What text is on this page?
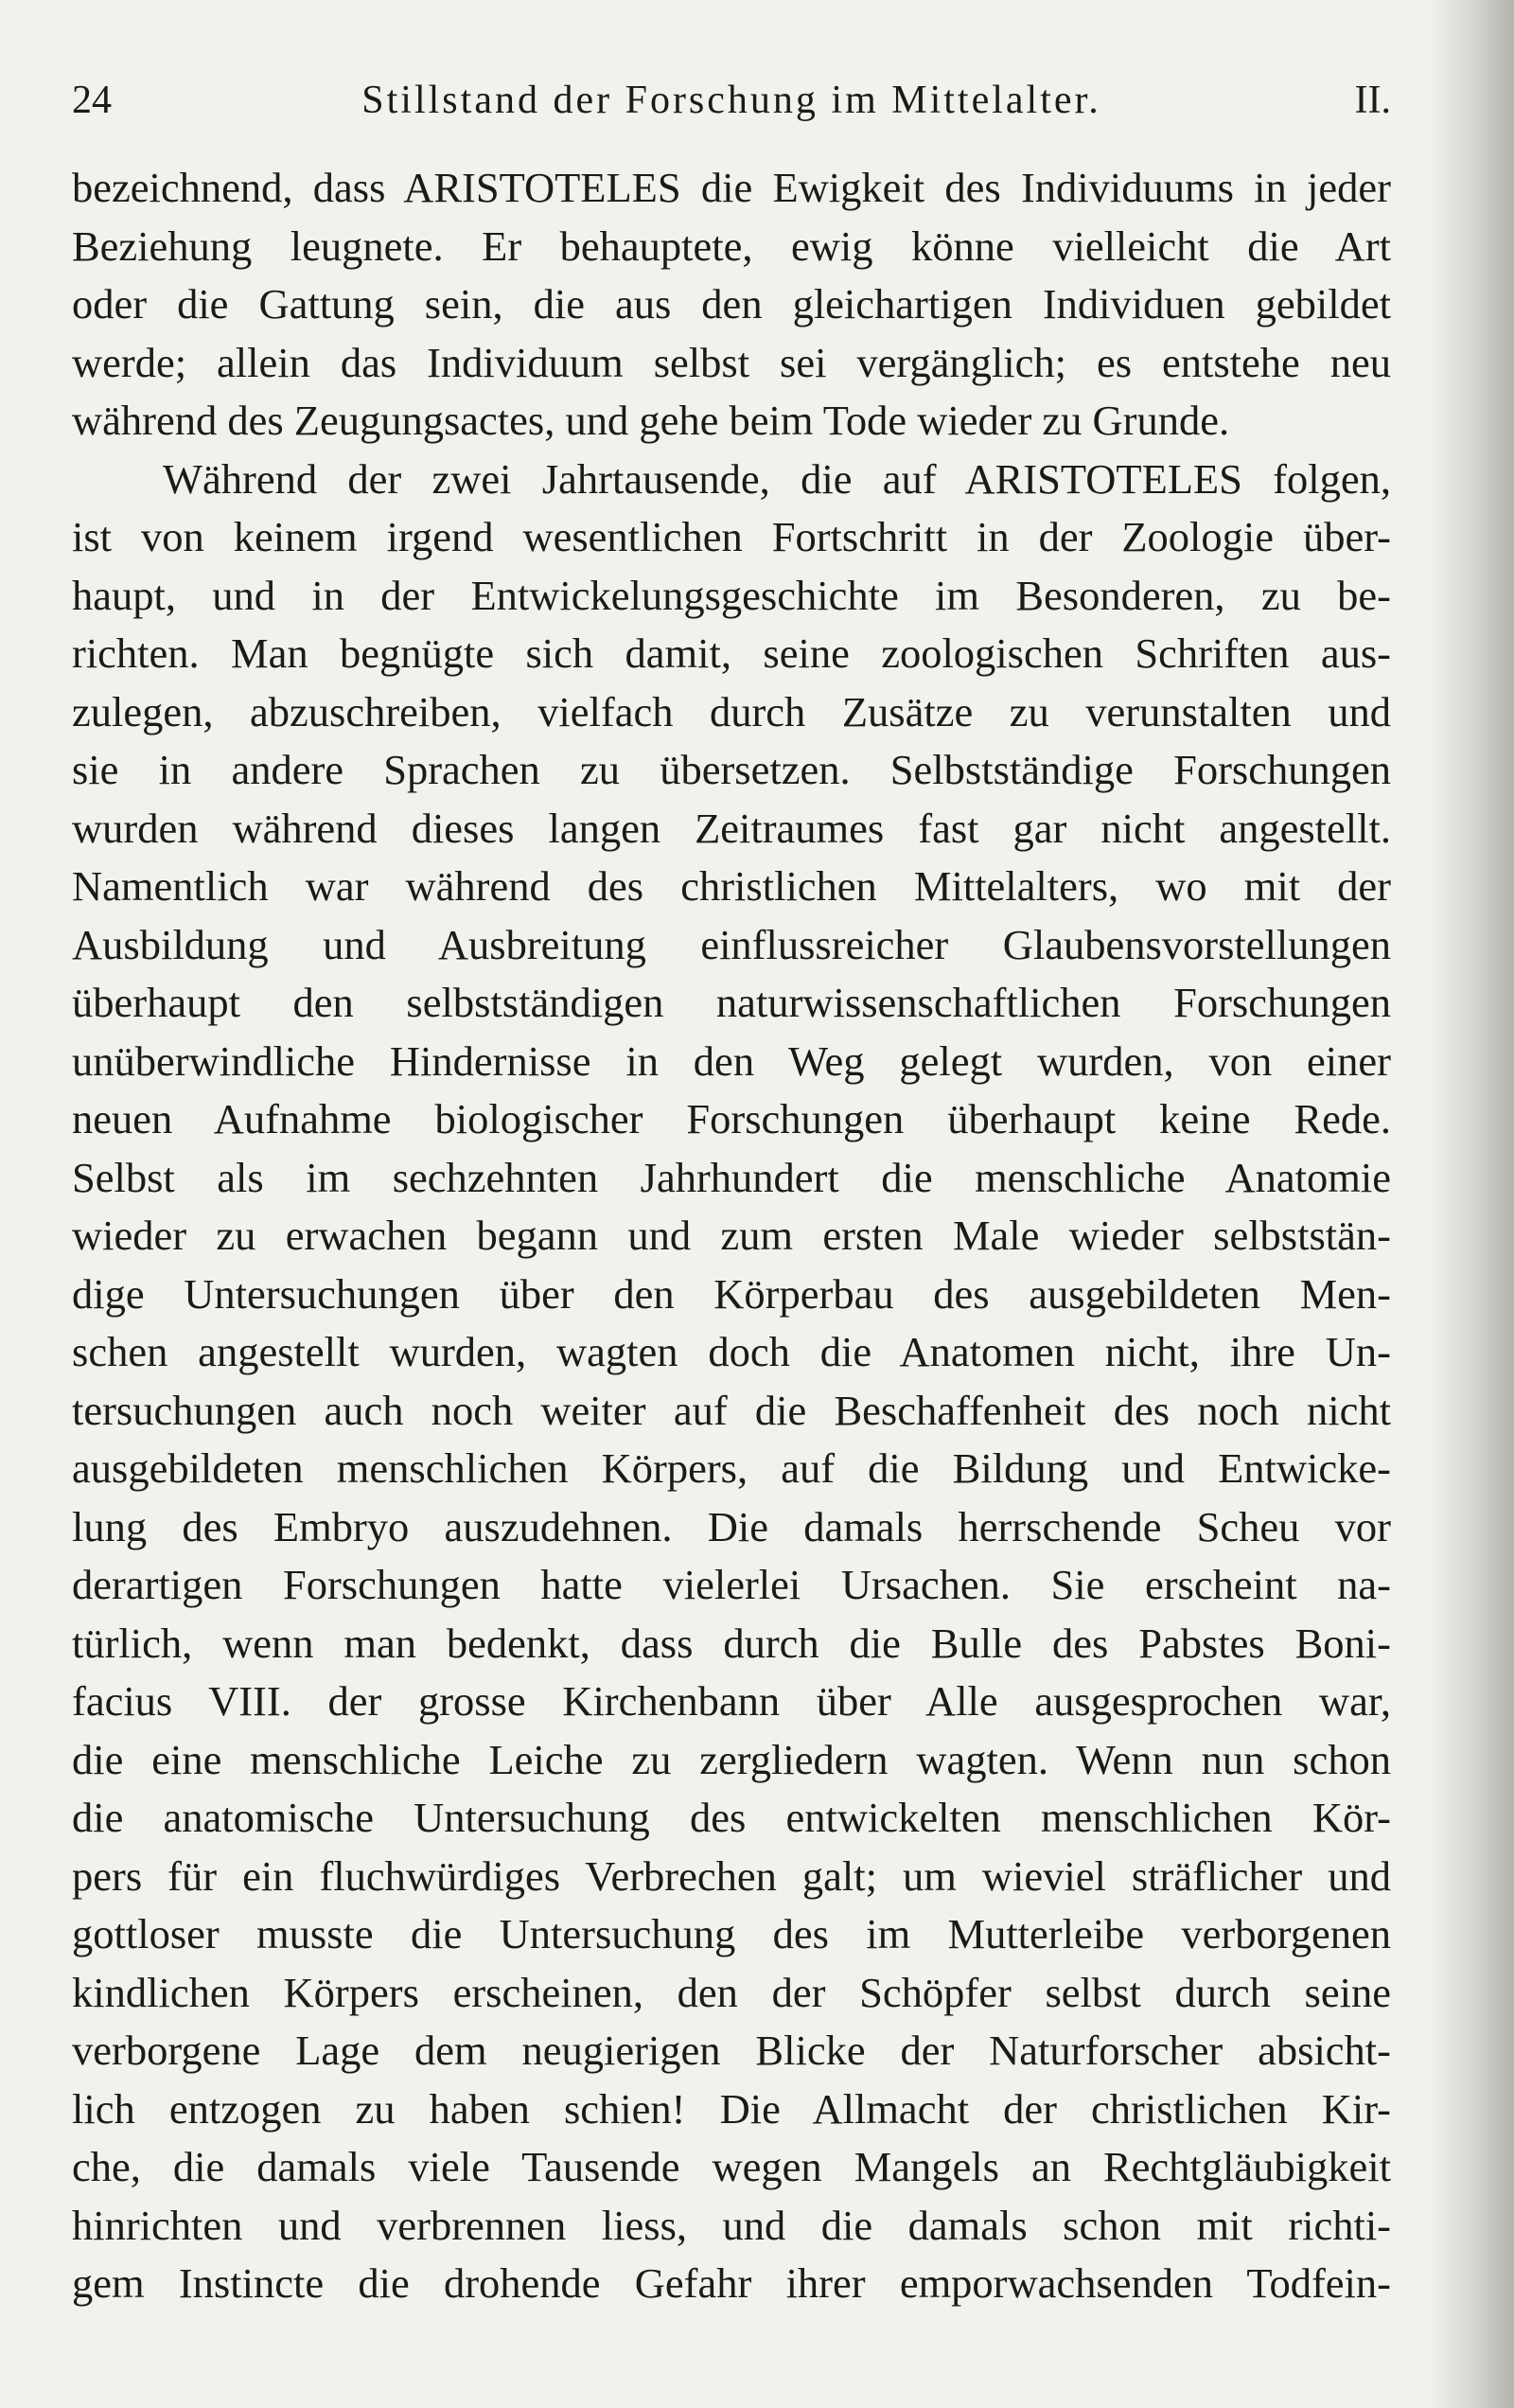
Stillstand der Forschung im Mittelalter.
24	II.
bezeichnend, dass ARISTOTELES die Ewigkeit des Individuums in jeder
Beziehung leugnete. Er behauptete, ewig könne vielleicht die Art
oder die Gattung sein, die aus den gleichartigen Individuen gebildet
werde; allein das Individuum selbst sei vergänglich; es entstehe neu
während des Zeugungsactes, und gehe beim Tode wieder zu Grunde.
Während der zwei Jahrtausende, die auf ARISTOTELES folgen,
ist von keinem irgend wesentlichen Fortschritt in der Zoologie über-
haupt, und in der Entwickelungsgeschichte im Besonderen, zu be-
richten. Man begnügte sich damit, seine zoologischen Schriften aus-
zulegen, abzuschreiben, vielfach durch Zusätze zu verunstalten und
sie in andere Sprachen zu übersetzen. Selbstständige Forschungen
wurden während dieses langen Zeitraumes fast gar nicht angestellt.
Namentlich war während des christlichen Mittelalters, wo mit der
Ausbildung und Ausbreitung einflussreicher Glaubensvorstellungen
überhaupt den selbstständigen naturwissenschaftlichen Forschungen
unüberwindliche Hindernisse in den Weg gelegt wurden, von einer
neuen Aufnahme biologischer Forschungen überhaupt keine Rede.
Selbst als im sechzehnten Jahrhundert die menschliche Anatomie
wieder zu erwachen begann und zum ersten Male wieder selbststän-
dige Untersuchungen über den Körperbau des ausgebildeten Men-
schen angestellt wurden, wagten doch die Anatomen nicht, ihre Un-
tersuchungen auch noch weiter auf die Beschaffenheit des noch nicht
ausgebildeten menschlichen Körpers, auf die Bildung und Entwicke-
lung des Embryo auszudehnen. Die damals herrschende Scheu vor
derartigen Forschungen hatte vielerlei Ursachen. Sie erscheint na-
türlich, wenn man bedenkt, dass durch die Bulle des Pabstes Boni-
facius VIII. der grosse Kirchenbann über Alle ausgesprochen war,
die eine menschliche Leiche zu zergliedern wagten. Wenn nun schon
die anatomische Untersuchung des entwickelten menschlichen Kör-
pers für ein fluchwürdiges Verbrechen galt; um wieviel sträflicher und
gottloser musste die Untersuchung des im Mutterleibe verborgenen
kindlichen Körpers erscheinen, den der Schöpfer selbst durch seine
verborgene Lage dem neugierigen Blicke der Naturforscher absicht-
lich entzogen zu haben schien! Die Allmacht der christlichen Kir-
che, die damals viele Tausende wegen Mangels an Rechtgläubigkeit
hinrichten und verbrennen liess, und die damals schon mit richti-
gem Instincte die drohende Gefahr ihrer emporwachsenden Todfein-
